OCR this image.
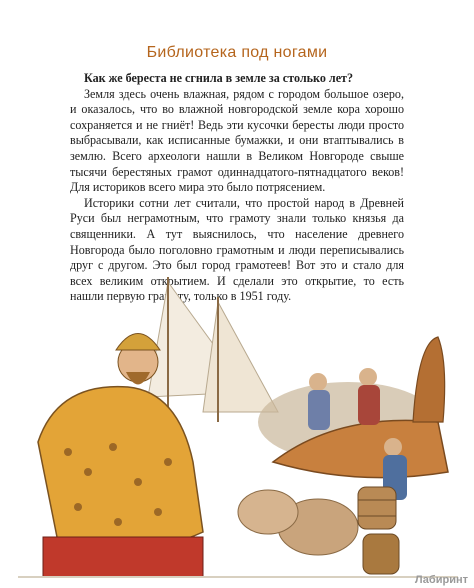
Библиотека под ногами

Как же береста не сгнила в земле за столько лет?

Земля здесь очень влажная, рядом с городом большое озеро, и оказалось, что во влажной новгородской земле кора хорошо сохраняется и не гниёт! Ведь эти кусочки бересты люди просто выбрасывали, как исписанные бумажки, и они втаптывались в землю. Всего археологи нашли в Великом Новгороде свыше тысячи берестяных грамот одиннадцатого-пятнадцатого веков! Для историков всего мира это было потрясением.

Историки сотни лет считали, что простой народ в Древней Руси был неграмотным, что грамоту знали только князья да священники. А тут выяснилось, что население древнего Новгорода было поголовно грамотным и люди переписывались друг с другом. Это был город грамотеев! Вот это и стало для всех великим открытием. И сделали это открытие, то есть нашли первую грамоту, только в 1951 году.

Лабиринт
